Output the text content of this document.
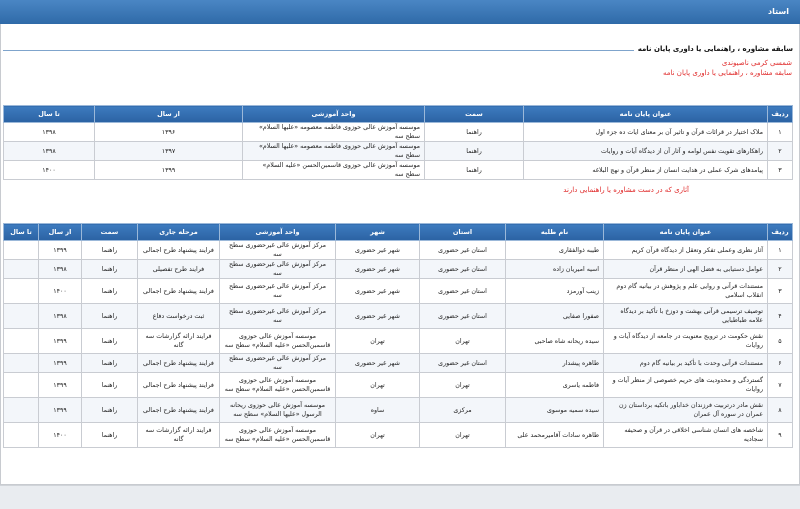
استاد
سابقه مشاوره ، راهنمایی یا داوری پایان نامه
شمسی کرمی ناصیوندی
سابقه مشاوره ، راهنمایی یا داوری پایان نامه
ردیف	عنوان پایان نامه	سمت	واحد آموزشی	از سال	تا سال
۱	ملاک اختیار در قرائات قرآن و تاثیر آن بر معنای ایات ده جزء اول	راهنما	موسسه آموزش عالی حوزوی فاطمه معصومه «علیها السلام» سطح سه	۱۳۹۶	۱۳۹۸
۲	راهکارهای تقویت نفس لوامه و آثار آن از دیدگاه آیات و روایات	راهنما	موسسه آموزش عالی حوزوی فاطمه معصومه «علیها السلام» سطح سه	۱۳۹۷	۱۳۹۸
۳	پیامدهای شرک عملی در هدایت انسان از منظر قرآن و نهج البلاغه	راهنما	موسسه آموزش عالی حوزوی قاسمبن‌الحسن «علیه السلام» سطح سه	۱۳۹۹	۱۴۰۰
آثاری که در دست مشاوره یا راهنمایی دارند
ردیف	عنوان پایان نامه	نام طلبه	استان	شهر	واحد آموزشی	مرحله جاری	سمت	از سال	تا سال
۱	آثار نظری وعملی تفکر وتعقل از دیدگاه قرآن کریم	طیبه ذوالفقاری	استان غیر حضوری	شهر غیر حضوری	مرکز آموزش عالی غیرحضوری سطح سه	فرایند پیشنهاد طرح اجمالی	راهنما	۱۳۹۹	
۲	عوامل دستیابی به فضل الهی از منظر قرآن	اسیه امیریان زاده	استان غیر حضوری	شهر غیر حضوری	مرکز آموزش عالی غیرحضوری سطح سه	فرایند طرح تفصیلی	راهنما	۱۳۹۸	
۳	مستندات قرآنی و روایی علم و پژوهش در بیانیه گام دوم انقلاب اسلامی	زینب آورمزد	استان غیر حضوری	شهر غیر حضوری	مرکز آموزش عالی غیرحضوری سطح سه	فرایند پیشنهاد طرح اجمالی	راهنما	۱۴۰۰	
۴	توصیف ترسیمی قرآنی بهشت و دوزخ با تأکید بر دیدگاه علامه طباطبایی	صفورا صفایی	استان غیر حضوری	شهر غیر حضوری	مرکز آموزش عالی غیرحضوری سطح سه	ثبت درخواست دفاع	راهنما	۱۳۹۸	
۵	نقش حکومت در ترویج معنویت در جامعه از دیدگاه آیات و روایات	سیده ریحانه شاه صاحبی	تهران	تهران	موسسه آموزش عالی حوزوی قاسمبن‌الحسن «علیه السلام» سطح سه	فرایند ارائه گزارشات سه گانه	راهنما	۱۳۹۹	
۶	مستندات قرآنی وحدت با تأکید بر بیانیه گام دوم	طاهره پیشدار	استان غیر حضوری	شهر غیر حضوری	مرکز آموزش عالی غیرحضوری سطح سه	فرایند پیشنهاد طرح اجمالی	راهنما	۱۳۹۹	
۷	گستردگی و محدودیت های حریم خصوصی از منظر آیات و روایات	فاطمه یاسری	تهران	تهران	موسسه آموزش عالی حوزوی قاسمبن‌الحسن «علیه السلام» سطح سه	فرایند پیشنهاد طرح اجمالی	راهنما	۱۳۹۹	
۸	نقش مادر درتربیت فرزندان خداباور باتکیه برداستان زن عمران در سوره آل عمران	سیده سمیه موسوی	مرکزی	ساوه	موسسه آموزش عالی حوزوی ریحانه الرسول «علیها السلام» سطح سه	فرایند پیشنهاد طرح اجمالی	راهنما	۱۳۹۹	
۹	شاخصه های انسان شناسی اخلاقی در قرآن و صحیفه سجادیه	طاهره سادات آقامیرمحمد علی	تهران	تهران	موسسه آموزش عالی حوزوی قاسمبن‌الحسن «علیه السلام» سطح سه	فرایند ارائه گزارشات سه گانه	راهنما	۱۴۰۰	
